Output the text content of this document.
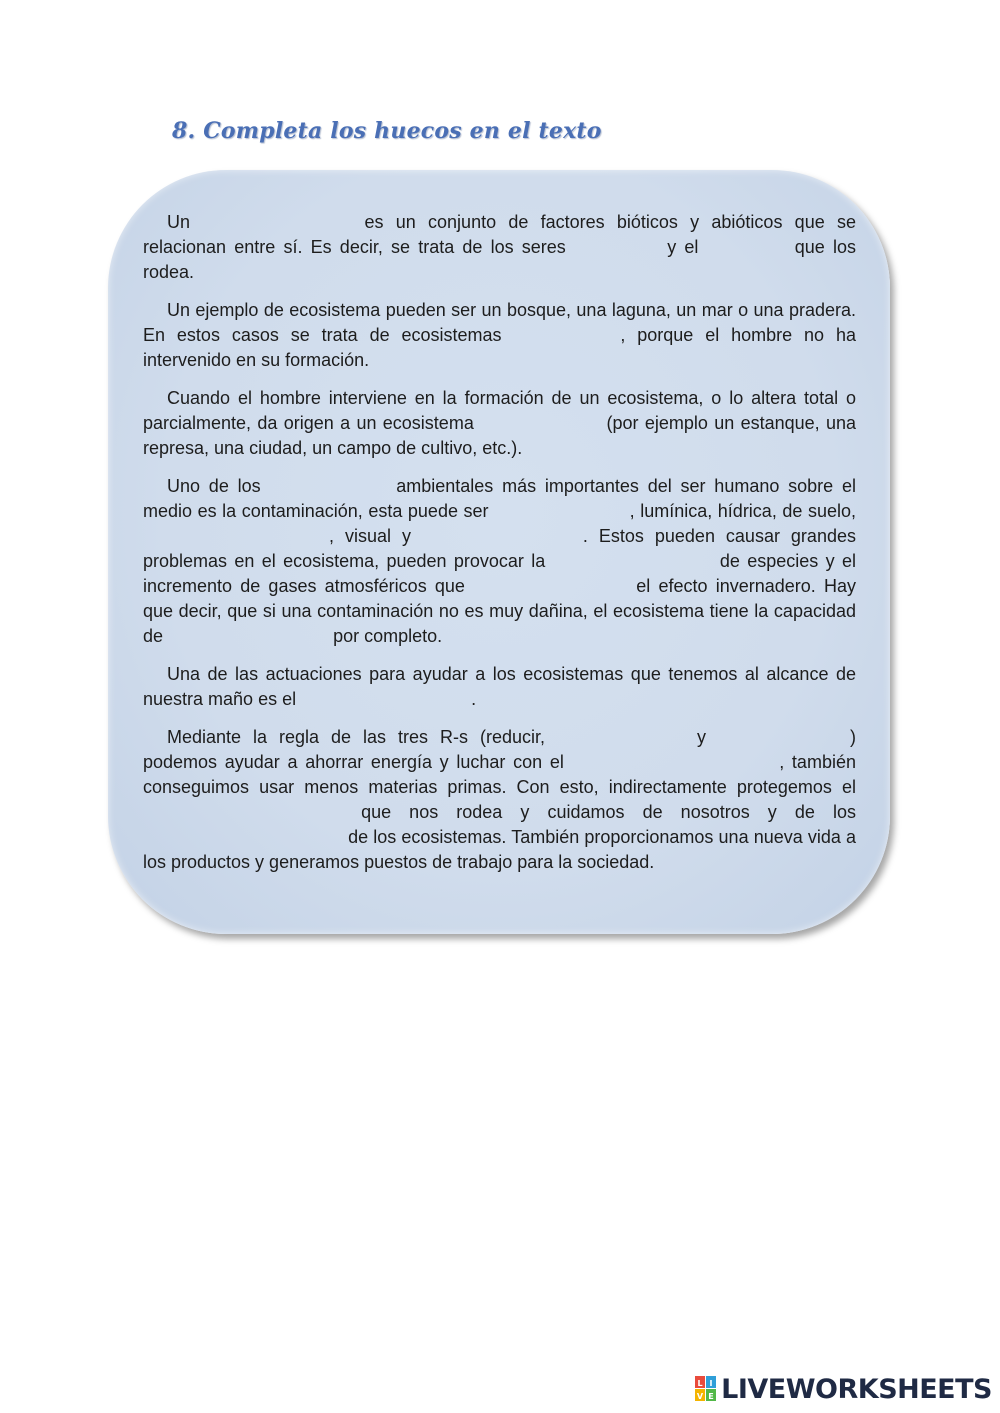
8. Completa los huecos en el texto

Un	es un conjunto de factores bióticos y abióticos que se relacionan entre sí. Es decir, se trata de los seres	y el	que los rodea.

Un ejemplo de ecosistema pueden ser un bosque, una laguna, un mar o una pradera. En estos casos se trata de ecosistemas	, porque el hombre no ha intervenido en su formación.

Cuando el hombre interviene en la formación de un ecosistema, o lo altera total o parcialmente, da origen a un ecosistema	(por ejemplo un estanque, una represa, una ciudad, un campo de cultivo, etc.).

Uno de los	ambientales más importantes del ser humano sobre el medio es la contaminación, esta puede ser	, lumínica, hídrica, de suelo,  , visual y	. Estos pueden causar grandes problemas en el ecosistema, pueden provocar la	de especies y el incremento de gases atmosféricos que	el efecto invernadero. Hay que decir, que si una contaminación no es muy dañina, el ecosistema tiene la capacidad de	por completo.

Una de las actuaciones para ayudar a los ecosistemas que tenemos al alcance de nuestra maño es el	.

Mediante la regla de las tres R-s (reducir,	y	) podemos ayudar a ahorrar energía y luchar con el	, también conseguimos usar menos materias primas. Con esto, indirectamente protegemos el  que nos rodea y cuidamos de nosotros y de los  de los ecosistemas. También proporcionamos una nueva vida a los productos y generamos puestos de trabajo para la sociedad.

L I
V E LIVEWORKSHEETS
